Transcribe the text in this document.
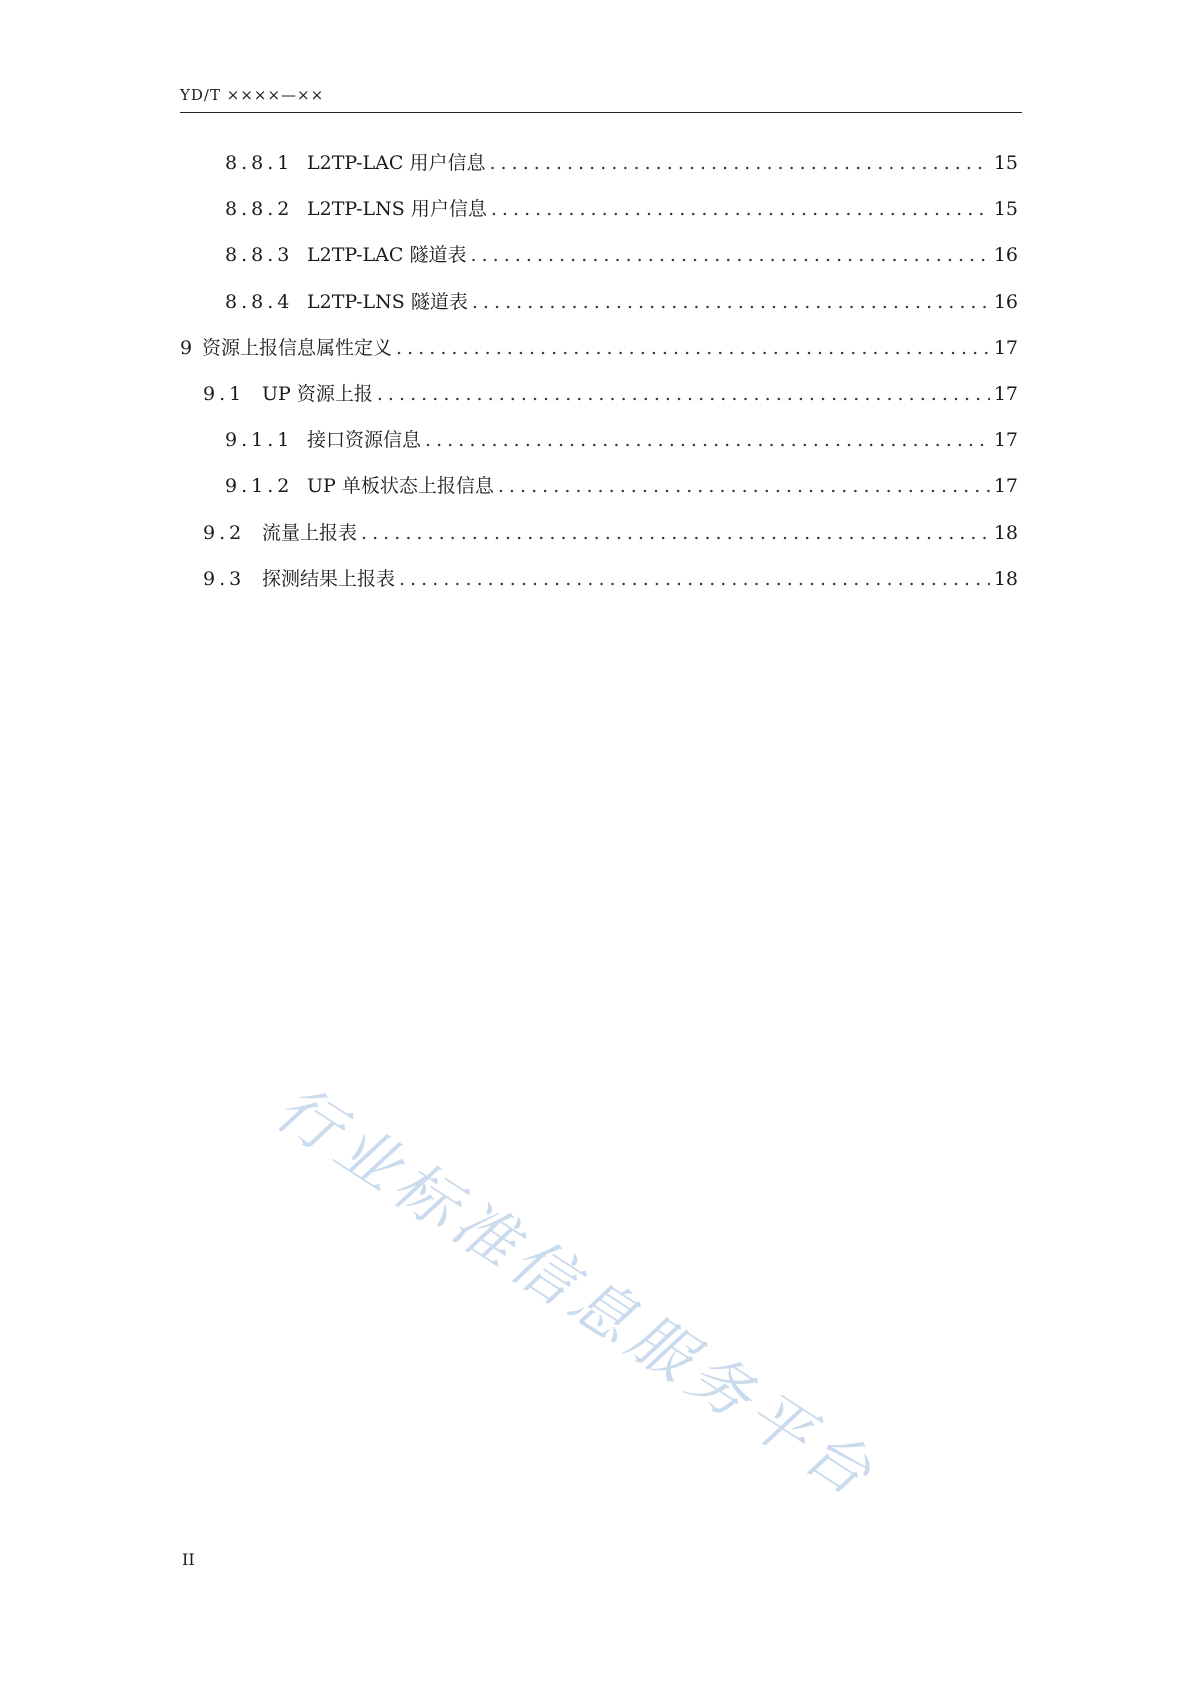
YD/T ××××—××
8.8.1 L2TP-LAC 用户信息 . . .	15
8.8.2 L2TP-LNS 用户信息 . . .	15
8.8.3 L2TP-LAC 隧道表 . . .	16
8.8.4 L2TP-LNS 隧道表 . . .	16
9 资源上报信息属性定义 . . .	17
9.1 UP 资源上报 . . .	17
9.1.1 接口资源信息 . . .	17
9.1.2 UP 单板状态上报信息 . . .	17
9.2 流量上报表 . . .	18
9.3 探测结果上报表 . . .	18
行业标准信息服务平台
II
